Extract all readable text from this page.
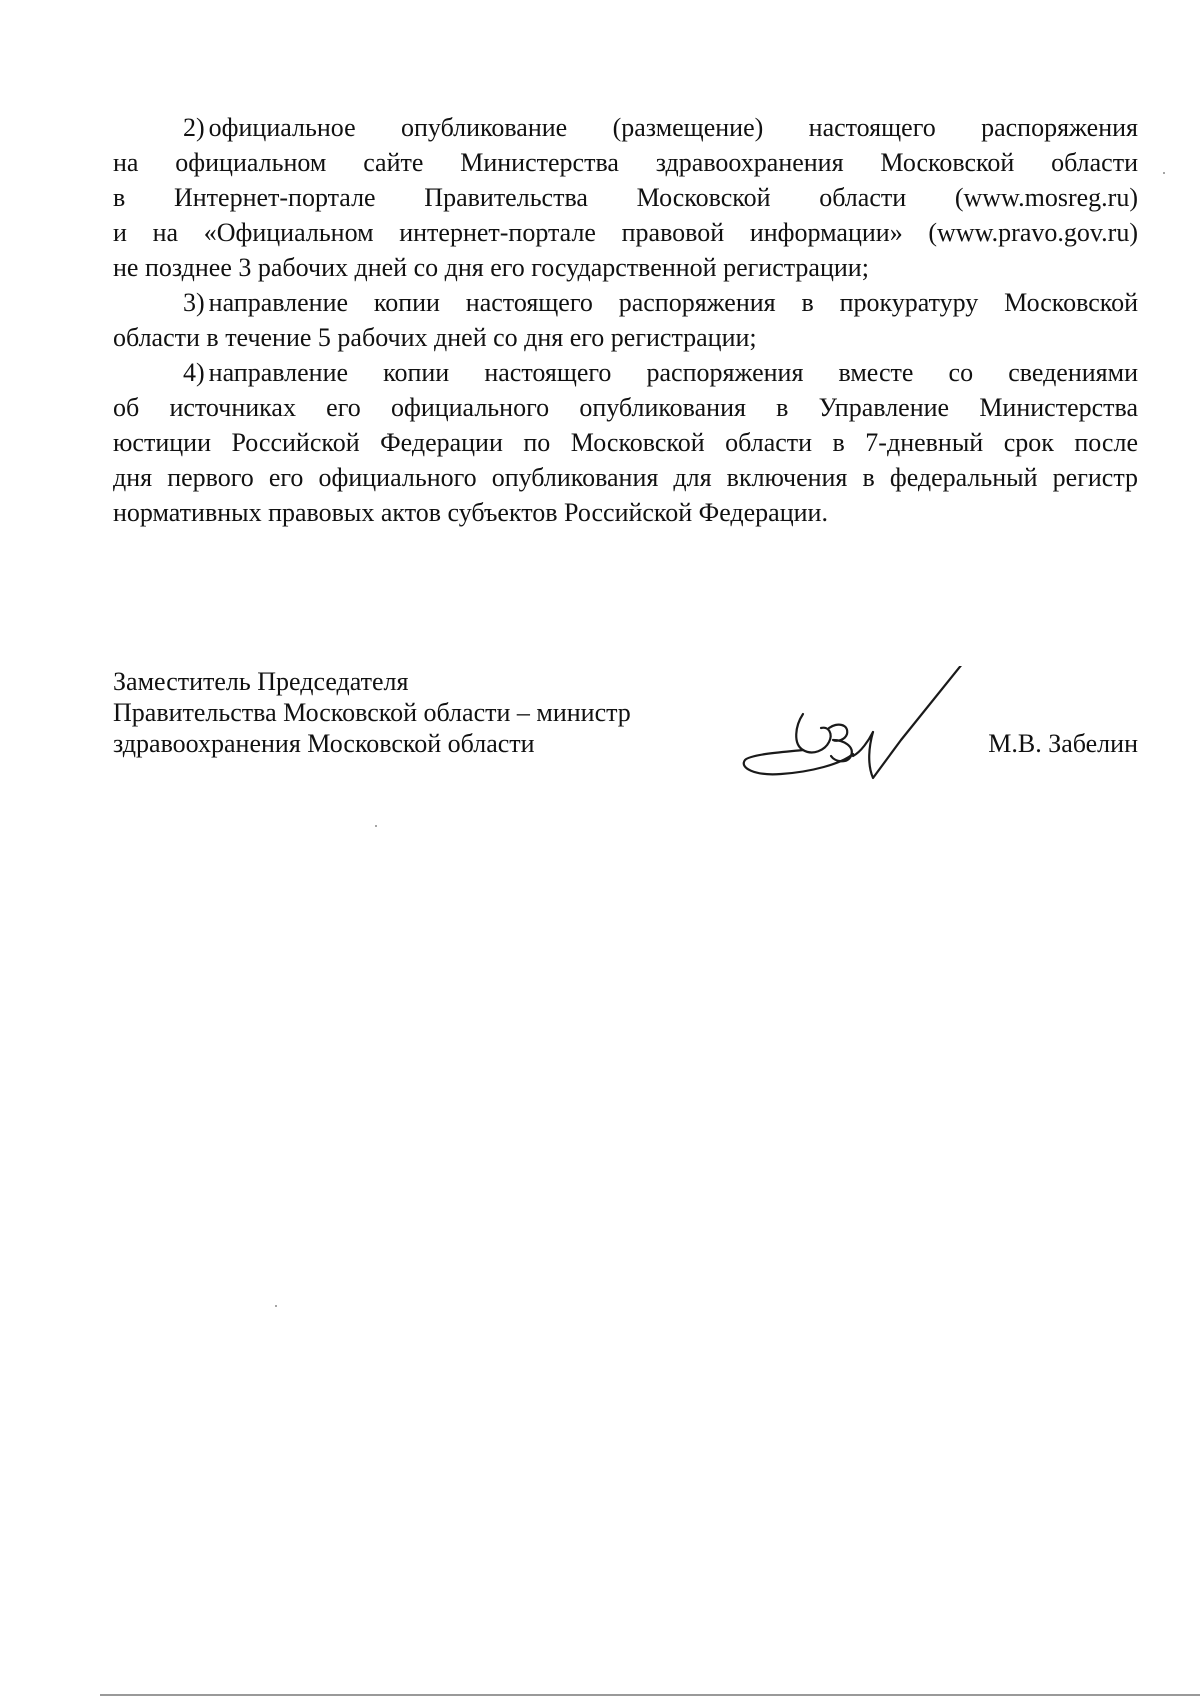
2) официальное опубликование (размещение) настоящего распоряжения
на официальном сайте Министерства здравоохранения Московской области
в Интернет-портале Правительства Московской области (www.mosreg.ru)
и на «Официальном интернет-портале правовой информации» (www.pravo.gov.ru)
не позднее 3 рабочих дней со дня его государственной регистрации;

3) направление копии настоящего распоряжения в прокуратуру Московской
области в течение 5 рабочих дней со дня его регистрации;

4) направление копии настоящего распоряжения вместе со сведениями
об источниках его официального опубликования в Управление Министерства
юстиции Российской Федерации по Московской области в 7-дневный срок после
дня первого его официального опубликования для включения в федеральный регистр
нормативных правовых актов субъектов Российской Федерации.

Заместитель Председателя
Правительства Московской области – министр
здравоохранения Московской области	М.В. Забелин
